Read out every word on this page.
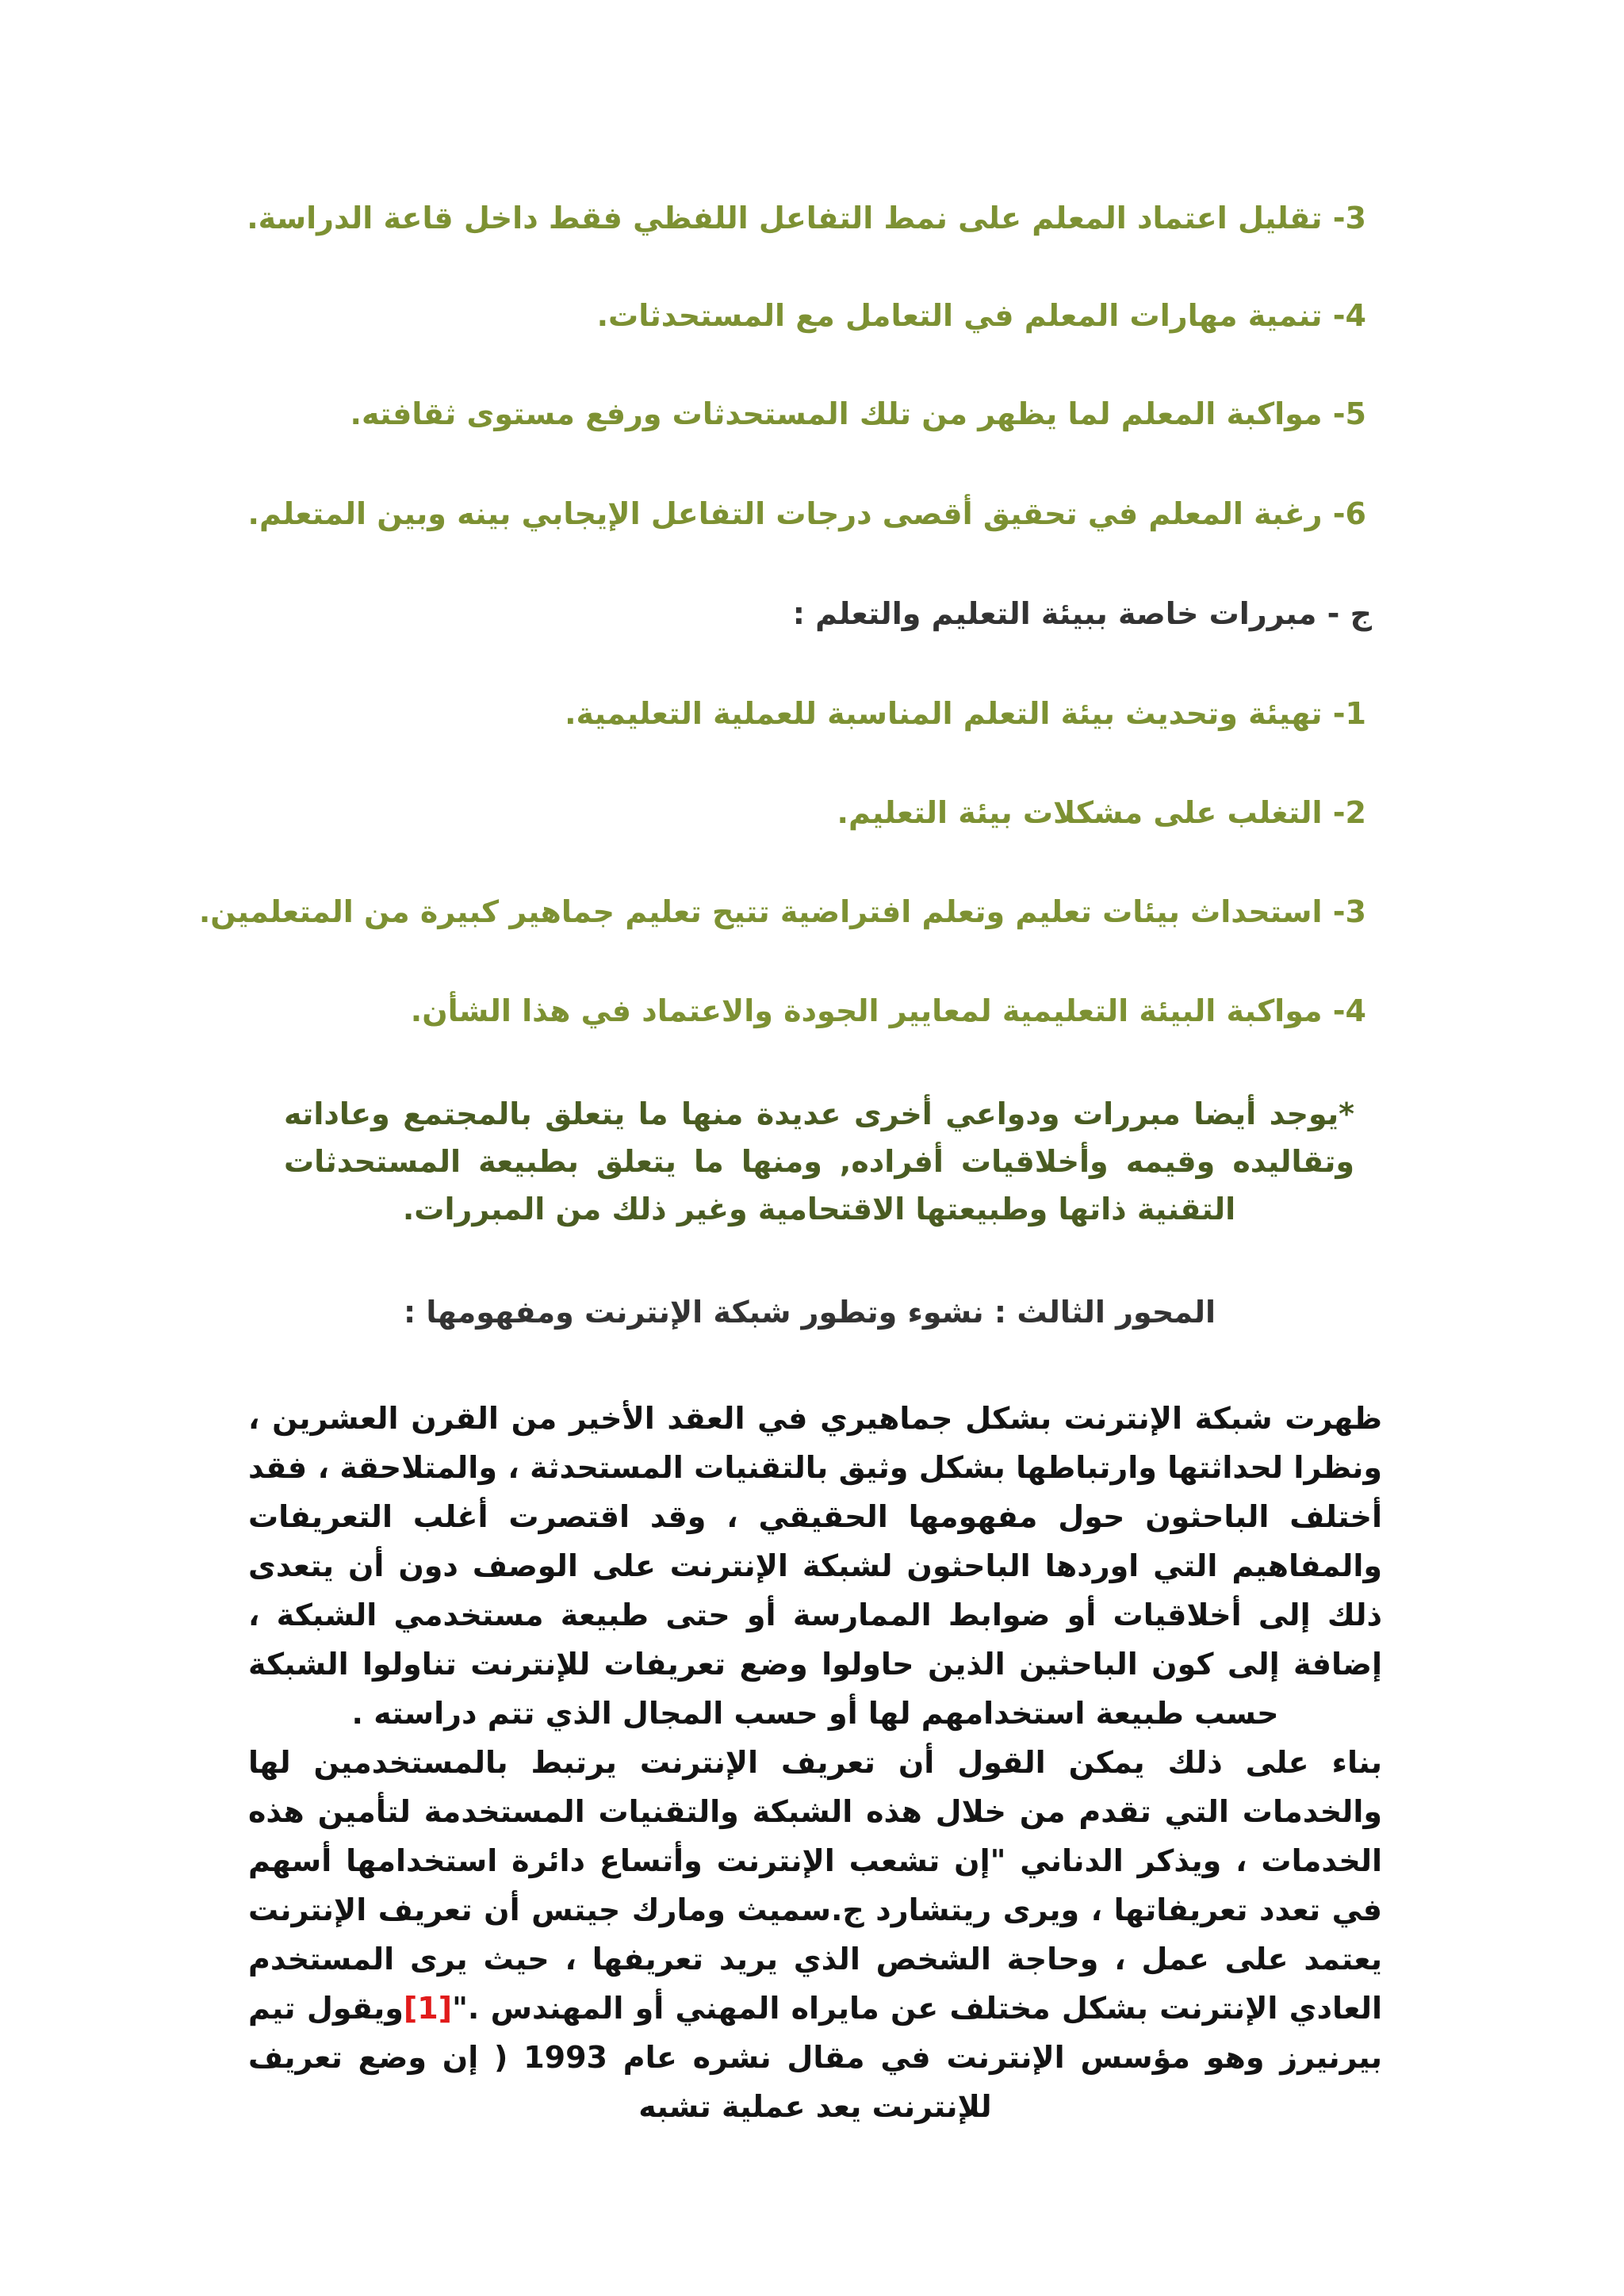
3- تقليل اعتماد المعلم على نمط التفاعل اللفظي فقط داخل قاعة الدراسة.
4- تنمية مهارات المعلم في التعامل مع المستحدثات.
5- مواكبة المعلم لما يظهر من تلك المستحدثات ورفع مستوى ثقافته.
6- رغبة المعلم في تحقيق أقصى درجات التفاعل الإيجابي بينه وبين المتعلم.
ج - مبررات خاصة ببيئة التعليم والتعلم :
1- تهيئة وتحديث بيئة التعلم المناسبة للعملية التعليمية.
2- التغلب على مشكلات بيئة التعليم.
3- استحداث بيئات تعليم وتعلم افتراضية تتيح تعليم جماهير كبيرة من المتعلمين.
4- مواكبة البيئة التعليمية لمعايير الجودة والاعتماد في هذا الشأن.
*يوجد أيضا مبررات ودواعي أخرى عديدة منها ما يتعلق بالمجتمع وعاداته وتقاليده وقيمه وأخلاقيات أفراده, ومنها ما يتعلق بطبيعة المستحدثات التقنية ذاتها وطبيعتها الاقتحامية وغير ذلك من المبررات.
المحور الثالث : نشوء وتطور شبكة الإنترنت ومفهومها :

ظهرت شبكة الإنترنت بشكل جماهيري في العقد الأخير من القرن العشرين ، ونظرا لحداثتها وارتباطها بشكل وثيق بالتقنيات المستحدثة ، والمتلاحقة ، فقد أختلف الباحثون حول مفهومها الحقيقي ، وقد اقتصرت أغلب التعريفات والمفاهيم التي اوردها الباحثون لشبكة الإنترنت على الوصف دون أن يتعدى ذلك إلى أخلاقيات أو ضوابط الممارسة أو حتى طبيعة مستخدمي الشبكة ، إضافة إلى كون الباحثين الذين حاولوا وضع تعريفات للإنترنت تناولوا الشبكة حسب طبيعة استخدامهم لها أو حسب المجال الذي تتم دراسته .

بناء على ذلك يمكن القول أن تعريف الإنترنت يرتبط بالمستخدمين لها والخدمات التي تقدم من خلال هذه الشبكة والتقنيات المستخدمة لتأمين هذه الخدمات ، ويذكر الدناني "إن تشعب الإنترنت وأتساع دائرة استخدامها أسهم في تعدد تعريفاتها ، ويرى ريتشارد ج.سميث ومارك جيتس أن تعريف الإنترنت يعتمد على عمل ، وحاجة الشخص الذي يريد تعريفها ، حيث يرى المستخدم العادي الإنترنت بشكل مختلف عن مايراه المهني أو المهندس ."[1]ويقول تيم بيرنيرز وهو مؤسس الإنترنت في مقال نشره عام 1993 ( إن وضع تعريف للإنترنت يعد عملية تشبه
